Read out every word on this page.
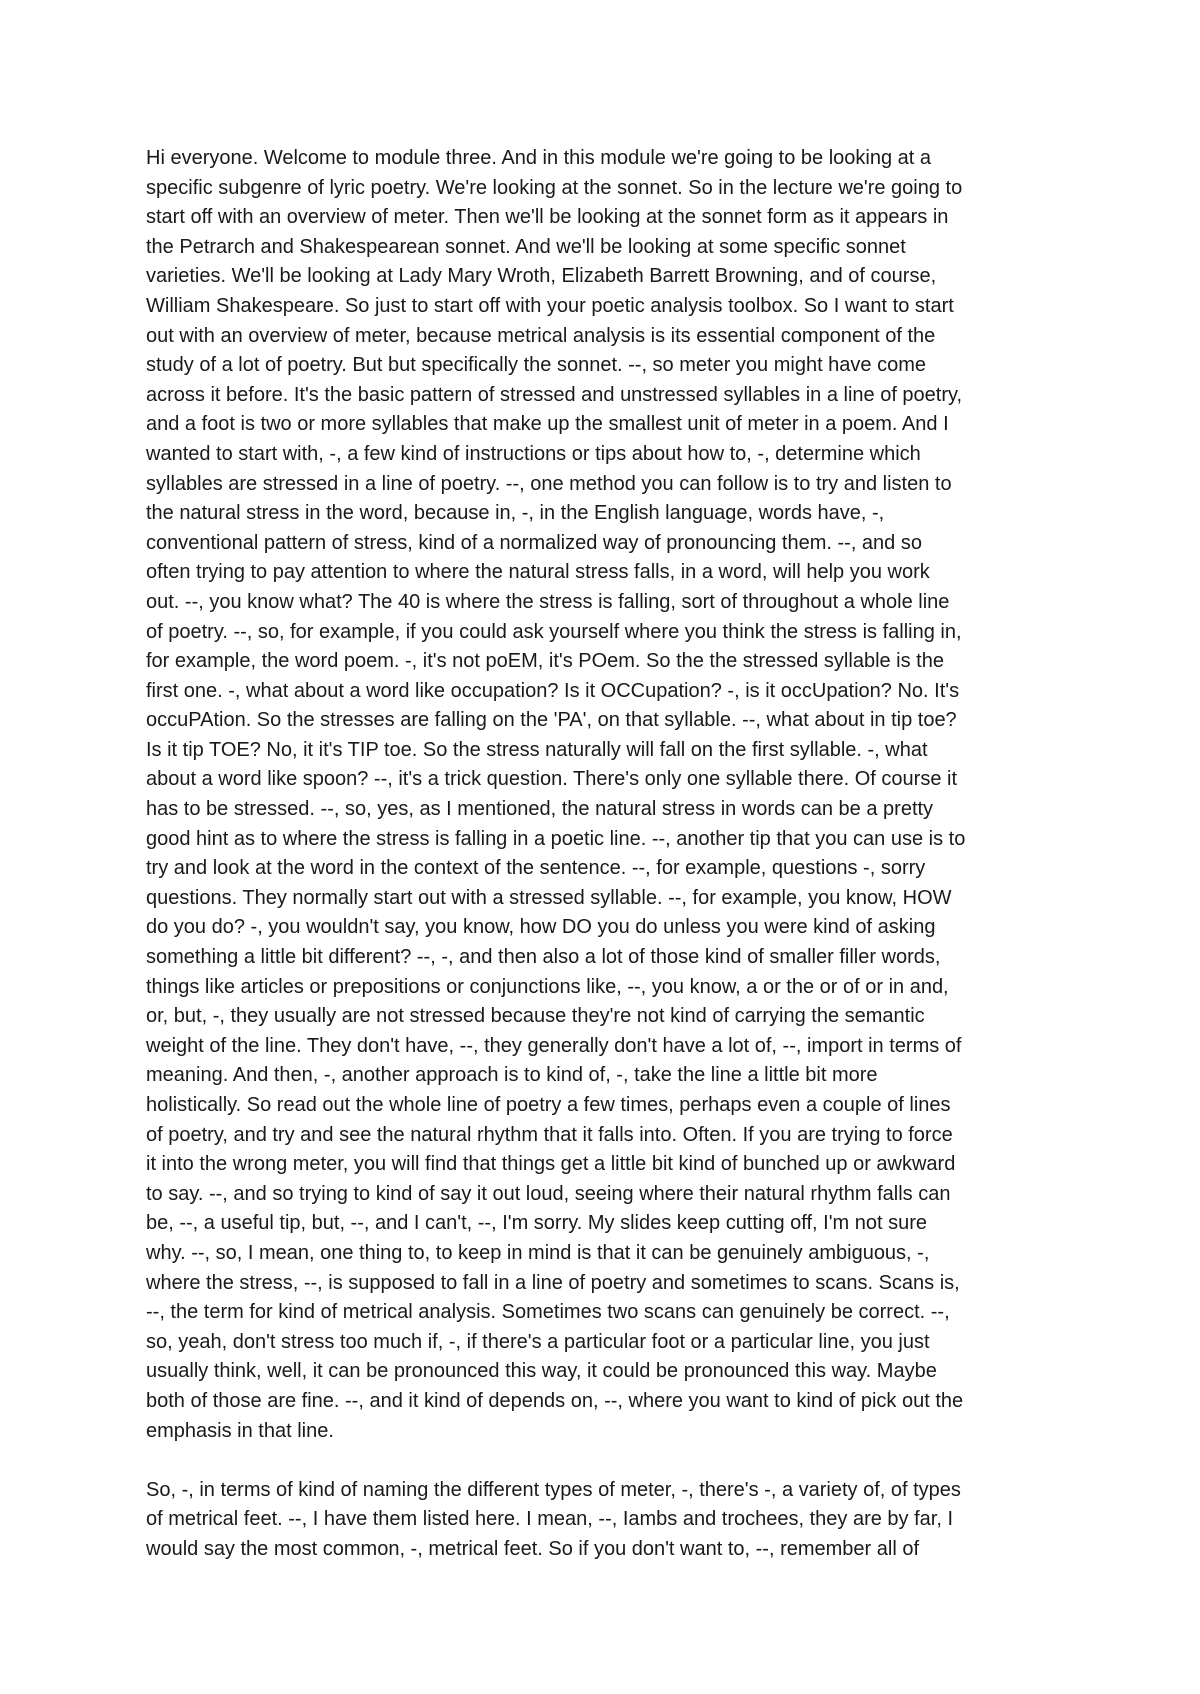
Hi everyone. Welcome to module three. And in this module we're going to be looking at a
specific subgenre of lyric poetry. We're looking at the sonnet. So in the lecture we're going to
start off with an overview of meter. Then we'll be looking at the sonnet form as it appears in
the Petrarch and Shakespearean sonnet. And we'll be looking at some specific sonnet
varieties. We'll be looking at Lady Mary Wroth, Elizabeth Barrett Browning, and of course,
William Shakespeare. So just to start off with your poetic analysis toolbox. So I want to start
out with an overview of meter, because metrical analysis is its essential component of the
study of a lot of poetry. But but specifically the sonnet. --, so meter you might have come
across it before. It's the basic pattern of stressed and unstressed syllables in a line of poetry,
and a foot is two or more syllables that make up the smallest unit of meter in a poem. And I
wanted to start with, -, a few kind of instructions or tips about how to, -, determine which
syllables are stressed in a line of poetry. --, one method you can follow is to try and listen to
the natural stress in the word, because in, -, in the English language, words have, -,
conventional pattern of stress, kind of a normalized way of pronouncing them. --, and so
often trying to pay attention to where the natural stress falls, in a word, will help you work
out. --, you know what? The 40 is where the stress is falling, sort of throughout a whole line
of poetry. --, so, for example, if you could ask yourself where you think the stress is falling in,
for example, the word poem. -, it's not poEM, it's POem. So the the stressed syllable is the
first one. -, what about a word like occupation? Is it OCCupation? -, is it occUpation? No. It's
occuPAtion. So the stresses are falling on the 'PA', on that syllable. --, what about in tip toe?
Is it tip TOE? No, it it's TIP toe. So the stress naturally will fall on the first syllable. -, what
about a word like spoon? --, it's a trick question. There's only one syllable there. Of course it
has to be stressed. --, so, yes, as I mentioned, the natural stress in words can be a pretty
good hint as to where the stress is falling in a poetic line. --, another tip that you can use is to
try and look at the word in the context of the sentence. --, for example, questions -, sorry
questions. They normally start out with a stressed syllable. --, for example, you know, HOW
do you do? -, you wouldn't say, you know, how DO you do unless you were kind of asking
something a little bit different? --, -, and then also a lot of those kind of smaller filler words,
things like articles or prepositions or conjunctions like, --, you know, a or the or of or in and,
or, but, -, they usually are not stressed because they're not kind of carrying the semantic
weight of the line. They don't have, --, they generally don't have a lot of, --, import in terms of
meaning. And then, -, another approach is to kind of, -, take the line a little bit more
holistically. So read out the whole line of poetry a few times, perhaps even a couple of lines
of poetry, and try and see the natural rhythm that it falls into. Often. If you are trying to force
it into the wrong meter, you will find that things get a little bit kind of bunched up or awkward
to say. --, and so trying to kind of say it out loud, seeing where their natural rhythm falls can
be, --, a useful tip, but, --, and I can't, --, I'm sorry. My slides keep cutting off, I'm not sure
why. --, so, I mean, one thing to, to keep in mind is that it can be genuinely ambiguous, -,
where the stress, --, is supposed to fall in a line of poetry and sometimes to scans. Scans is,
--, the term for kind of metrical analysis. Sometimes two scans can genuinely be correct. --,
so, yeah, don't stress too much if, -, if there's a particular foot or a particular line, you just
usually think, well, it can be pronounced this way, it could be pronounced this way. Maybe
both of those are fine. --, and it kind of depends on, --, where you want to kind of pick out the
emphasis in that line.
So, -, in terms of kind of naming the different types of meter, -, there's -, a variety of, of types
of metrical feet. --, I have them listed here. I mean, --, Iambs and trochees, they are by far, I
would say the most common, -, metrical feet. So if you don't want to, --, remember all of
